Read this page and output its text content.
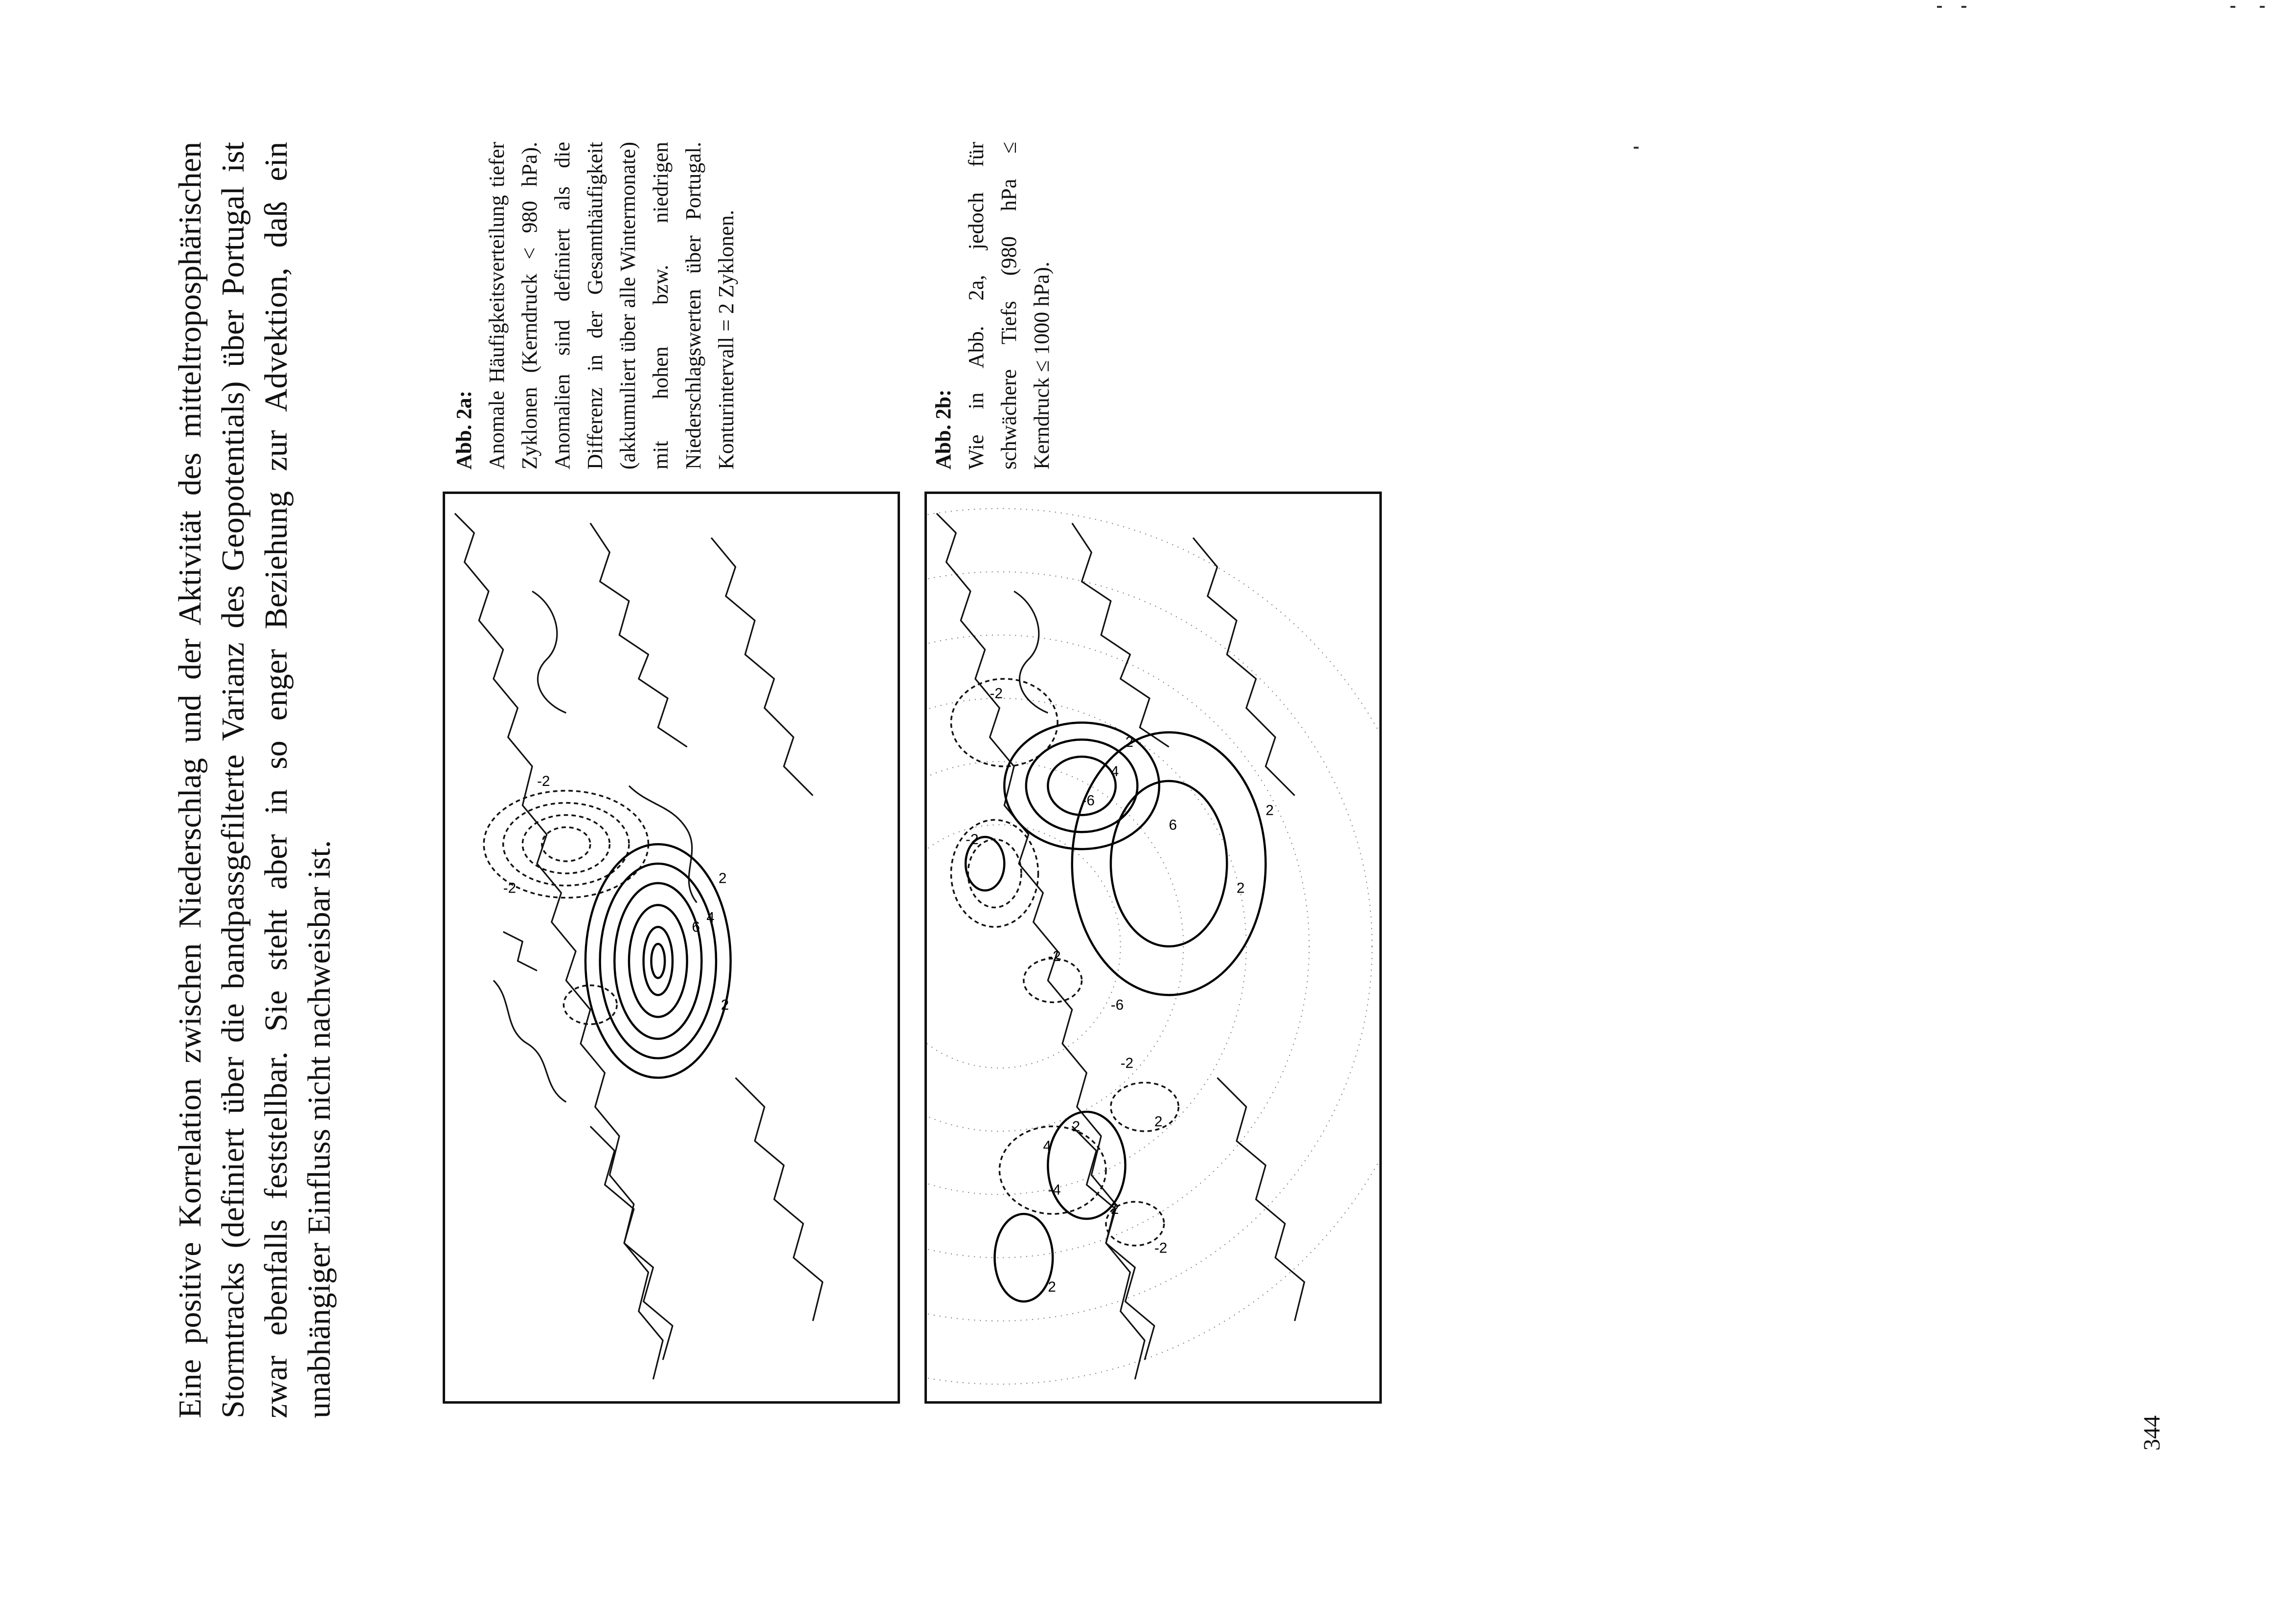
Eine positive Korrelation zwischen Niederschlag und der Aktivität des mitteltroposphärischen Stormtracks (definiert über die bandpassgefilterte Varianz des Geopotentials) über Portugal ist zwar ebenfalls feststellbar. Sie steht aber in so enger Beziehung zur Advektion, daß ein unabhängiger Einfluss nicht nachweisbar ist.
Abb. 2a: Anomale Häufigkeitsverteilung tiefer Zyklonen (Kerndruck < 980 hPa). Anomalien sind definiert als die Differenz in der Gesamthäufigkeit (akkumuliert über alle Wintermonate) mit hohen bzw. niedrigen Niederschlagswerten über Portugal. Konturintervall = 2 Zyklonen.	Abb. 2b: Wie in Abb. 2a, jedoch für schwächere Tiefs (980 hPa ≤ Kerndruck ≤ 1000 hPa).
-2
-2
2
4
6
2
-2
-2
2
4
-6
6
2
2
-2
-6
-2
2
2
4
-4
2
-2
2
344
